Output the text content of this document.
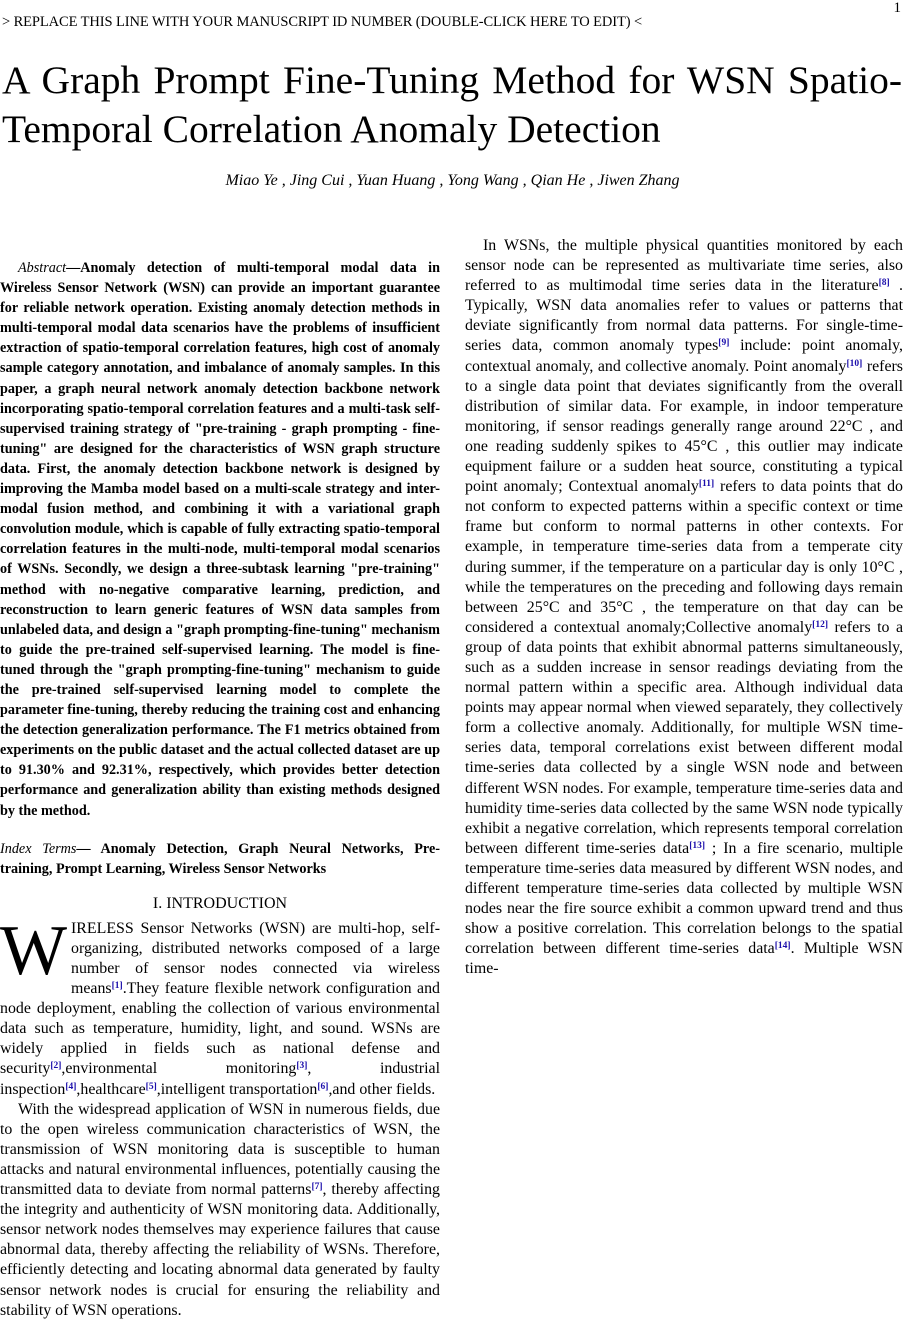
1
> REPLACE THIS LINE WITH YOUR MANUSCRIPT ID NUMBER (DOUBLE-CLICK HERE TO EDIT) <
A Graph Prompt Fine-Tuning Method for WSN Spatio-Temporal Correlation Anomaly Detection
Miao Ye , Jing Cui , Yuan Huang , Yong Wang , Qian He , Jiwen Zhang

Abstract—Anomaly detection of multi-temporal modal data in Wireless Sensor Network (WSN) can provide an important guarantee for reliable network operation. Existing anomaly detection methods in multi-temporal modal data scenarios have the problems of insufficient extraction of spatio-temporal correlation features, high cost of anomaly sample category annotation, and imbalance of anomaly samples. In this paper, a graph neural network anomaly detection backbone network incorporating spatio-temporal correlation features and a multi-task self-supervised training strategy of "pre-training - graph prompting - fine-tuning" are designed for the characteristics of WSN graph structure data. First, the anomaly detection backbone network is designed by improving the Mamba model based on a multi-scale strategy and inter-modal fusion method, and combining it with a variational graph convolution module, which is capable of fully extracting spatio-temporal correlation features in the multi-node, multi-temporal modal scenarios of WSNs. Secondly, we design a three-subtask learning "pre-training" method with no-negative comparative learning, prediction, and reconstruction to learn generic features of WSN data samples from unlabeled data, and design a "graph prompting-fine-tuning" mechanism to guide the pre-trained self-supervised learning. The model is fine-tuned through the "graph prompting-fine-tuning" mechanism to guide the pre-trained self-supervised learning model to complete the parameter fine-tuning, thereby reducing the training cost and enhancing the detection generalization performance. The F1 metrics obtained from experiments on the public dataset and the actual collected dataset are up to 91.30% and 92.31%, respectively, which provides better detection performance and generalization ability than existing methods designed by the method.

Index Terms— Anomaly Detection, Graph Neural Networks, Pre-training, Prompt Learning, Wireless Sensor Networks

I. INTRODUCTION

WIRELESS Sensor Networks (WSN) are multi-hop, self-organizing, distributed networks composed of a large number of sensor nodes connected via wireless means[1].They feature flexible network configuration and node deployment, enabling the collection of various environmental data such as temperature, humidity, light, and sound. WSNs are widely applied in fields such as national defense and security[2],environmental monitoring[3], industrial inspection[4],healthcare[5],intelligent transportation[6],and other fields.

With the widespread application of WSN in numerous fields, due to the open wireless communication characteristics of WSN, the transmission of WSN monitoring data is susceptible to human attacks and natural environmental influences, potentially causing the transmitted data to deviate from normal patterns[7], thereby affecting the integrity and authenticity of WSN monitoring data. Additionally, sensor network nodes themselves may experience failures that cause abnormal data, thereby affecting the reliability of WSNs. Therefore, efficiently detecting and locating abnormal data generated by faulty sensor network nodes is crucial for ensuring the reliability and stability of WSN operations.

In WSNs, the multiple physical quantities monitored by each sensor node can be represented as multivariate time series, also referred to as multimodal time series data in the literature[8] . Typically, WSN data anomalies refer to values or patterns that deviate significantly from normal data patterns. For single-time-series data, common anomaly types[9] include: point anomaly, contextual anomaly, and collective anomaly. Point anomaly[10] refers to a single data point that deviates significantly from the overall distribution of similar data. For example, in indoor temperature monitoring, if sensor readings generally range around 22°C , and one reading suddenly spikes to 45°C , this outlier may indicate equipment failure or a sudden heat source, constituting a typical point anomaly; Contextual anomaly[11] refers to data points that do not conform to expected patterns within a specific context or time frame but conform to normal patterns in other contexts. For example, in temperature time-series data from a temperate city during summer, if the temperature on a particular day is only 10°C , while the temperatures on the preceding and following days remain between 25°C and 35°C , the temperature on that day can be considered a contextual anomaly;Collective anomaly[12] refers to a group of data points that exhibit abnormal patterns simultaneously, such as a sudden increase in sensor readings deviating from the normal pattern within a specific area. Although individual data points may appear normal when viewed separately, they collectively form a collective anomaly. Additionally, for multiple WSN time-series data, temporal correlations exist between different modal time-series data collected by a single WSN node and between different WSN nodes. For example, temperature time-series data and humidity time-series data collected by the same WSN node typically exhibit a negative correlation, which represents temporal correlation between different time-series data[13] ; In a fire scenario, multiple temperature time-series data measured by different WSN nodes, and different temperature time-series data collected by multiple WSN nodes near the fire source exhibit a common upward trend and thus show a positive correlation. This correlation belongs to the spatial correlation between different time-series data[14]. Multiple WSN time-
